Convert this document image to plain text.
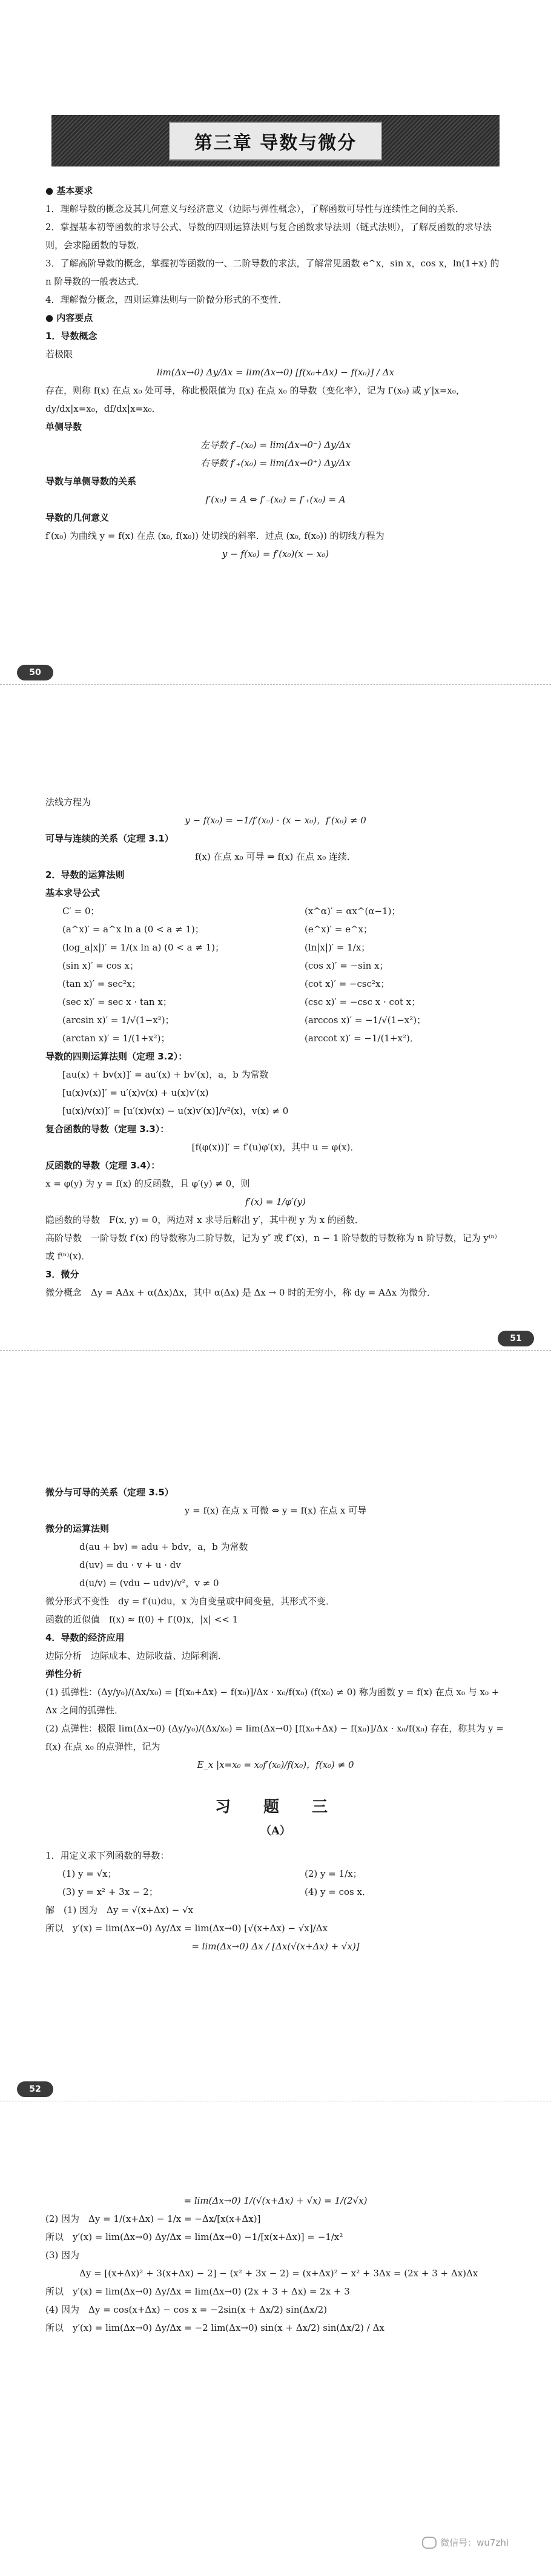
第三章 导数与微分
● 基本要求
1．理解导数的概念及其几何意义与经济意义（边际与弹性概念），了解函数可导性与连续性之间的关系．
2．掌握基本初等函数的求导公式、导数的四则运算法则与复合函数求导法则（链式法则），了解反函数的求导法则，会求隐函数的导数．
3．了解高阶导数的概念，掌握初等函数的一、二阶导数的求法，了解常见函数 e^x，sin x，cos x，ln(1+x) 的 n 阶导数的一般表达式．
4．理解微分概念，四则运算法则与一阶微分形式的不变性．
● 内容要点
1．导数概念
若极限
lim(Δx→0) Δy/Δx = lim(Δx→0) [f(x₀+Δx) − f(x₀)] / Δx
存在，则称 f(x) 在点 x₀ 处可导，称此极限值为 f(x) 在点 x₀ 的导数（变化率），记为 f′(x₀) 或 y′|x=x₀，dy/dx|x=x₀，df/dx|x=x₀．
单侧导数
左导数 f′₋(x₀) = lim(Δx→0⁻) Δy/Δx
右导数 f′₊(x₀) = lim(Δx→0⁺) Δy/Δx
导数与单侧导数的关系
f′(x₀) = A ⇔ f′₋(x₀) = f′₊(x₀) = A
导数的几何意义
f′(x₀) 为曲线 y = f(x) 在点 (x₀, f(x₀)) 处切线的斜率．过点 (x₀, f(x₀)) 的切线方程为
y − f(x₀) = f′(x₀)(x − x₀)
50
法线方程为
y − f(x₀) = −1/f′(x₀) · (x − x₀)，f′(x₀) ≠ 0
可导与连续的关系（定理 3.1）
f(x) 在点 x₀ 可导 ⇒ f(x) 在点 x₀ 连续．
2．导数的运算法则
基本求导公式
C′ = 0；	(x^α)′ = αx^(α−1)；
(a^x)′ = a^x ln a (0 < a ≠ 1)；	(e^x)′ = e^x；
(log_a|x|)′ = 1/(x ln a) (0 < a ≠ 1)；	(ln|x|)′ = 1/x；
(sin x)′ = cos x；	(cos x)′ = −sin x；
(tan x)′ = sec²x；	(cot x)′ = −csc²x；
(sec x)′ = sec x · tan x；	(csc x)′ = −csc x · cot x；
(arcsin x)′ = 1/√(1−x²)；	(arccos x)′ = −1/√(1−x²)；
(arctan x)′ = 1/(1+x²)；	(arccot x)′ = −1/(1+x²)．
导数的四则运算法则（定理 3.2）：
[au(x) + bv(x)]′ = au′(x) + bv′(x)，a，b 为常数
[u(x)v(x)]′ = u′(x)v(x) + u(x)v′(x)
[u(x)/v(x)]′ = [u′(x)v(x) − u(x)v′(x)]/v²(x)，v(x) ≠ 0
复合函数的导数（定理 3.3）：
[f(φ(x))]′ = f′(u)φ′(x)，其中 u = φ(x)．
反函数的导数（定理 3.4）：
x = φ(y) 为 y = f(x) 的反函数，且 φ′(y) ≠ 0，则
f′(x) = 1/φ′(y)
隐函数的导数　F(x, y) = 0，两边对 x 求导后解出 y′，其中视 y 为 x 的函数．
高阶导数　一阶导数 f′(x) 的导数称为二阶导数，记为 y″ 或 f″(x)，n − 1 阶导数的导数称为 n 阶导数，记为 y⁽ⁿ⁾ 或 f⁽ⁿ⁾(x)．
3．微分
微分概念　Δy = AΔx + α(Δx)Δx，其中 α(Δx) 是 Δx → 0 时的无穷小，称 dy = AΔx 为微分．
51
微分与可导的关系（定理 3.5）
y = f(x) 在点 x 可微 ⇔ y = f(x) 在点 x 可导
微分的运算法则
d(au + bv) = adu + bdv，a，b 为常数
d(uv) = du · v + u · dv
d(u/v) = (vdu − udv)/v²，v ≠ 0
微分形式不变性　dy = f′(u)du，x 为自变量或中间变量，其形式不变．
函数的近似值　f(x) ≈ f(0) + f′(0)x，|x| << 1
4．导数的经济应用
边际分析　边际成本、边际收益、边际利润．
弹性分析
(1) 弧弹性：(Δy/y₀)/(Δx/x₀) = [f(x₀+Δx) − f(x₀)]/Δx · x₀/f(x₀) (f(x₀) ≠ 0) 称为函数 y = f(x) 在点 x₀ 与 x₀ + Δx 之间的弧弹性．
(2) 点弹性：极限 lim(Δx→0) (Δy/y₀)/(Δx/x₀) = lim(Δx→0) [f(x₀+Δx) − f(x₀)]/Δx · x₀/f(x₀) 存在，称其为 y = f(x) 在点 x₀ 的点弹性，记为
E_x |x=x₀ = x₀f′(x₀)/f(x₀)，f(x₀) ≠ 0
习　题　三
（A）
1．用定义求下列函数的导数：
(1) y = √x；	(2) y = 1/x；
(3) y = x² + 3x − 2；	(4) y = cos x．
解　(1) 因为　Δy = √(x+Δx) − √x
所以　y′(x) = lim(Δx→0) Δy/Δx = lim(Δx→0) [√(x+Δx) − √x]/Δx
= lim(Δx→0) Δx / [Δx(√(x+Δx) + √x)]
52
= lim(Δx→0) 1/(√(x+Δx) + √x) = 1/(2√x)
(2) 因为　Δy = 1/(x+Δx) − 1/x = −Δx/[x(x+Δx)]
所以　y′(x) = lim(Δx→0) Δy/Δx = lim(Δx→0) −1/[x(x+Δx)] = −1/x²
(3) 因为
Δy = [(x+Δx)² + 3(x+Δx) − 2] − (x² + 3x − 2) = (x+Δx)² − x² + 3Δx = (2x + 3 + Δx)Δx
所以　y′(x) = lim(Δx→0) Δy/Δx = lim(Δx→0) (2x + 3 + Δx) = 2x + 3
(4) 因为　Δy = cos(x+Δx) − cos x = −2sin(x + Δx/2) sin(Δx/2)
所以　y′(x) = lim(Δx→0) Δy/Δx = −2 lim(Δx→0) sin(x + Δx/2) sin(Δx/2) / Δx
微信号：wu7zhi
